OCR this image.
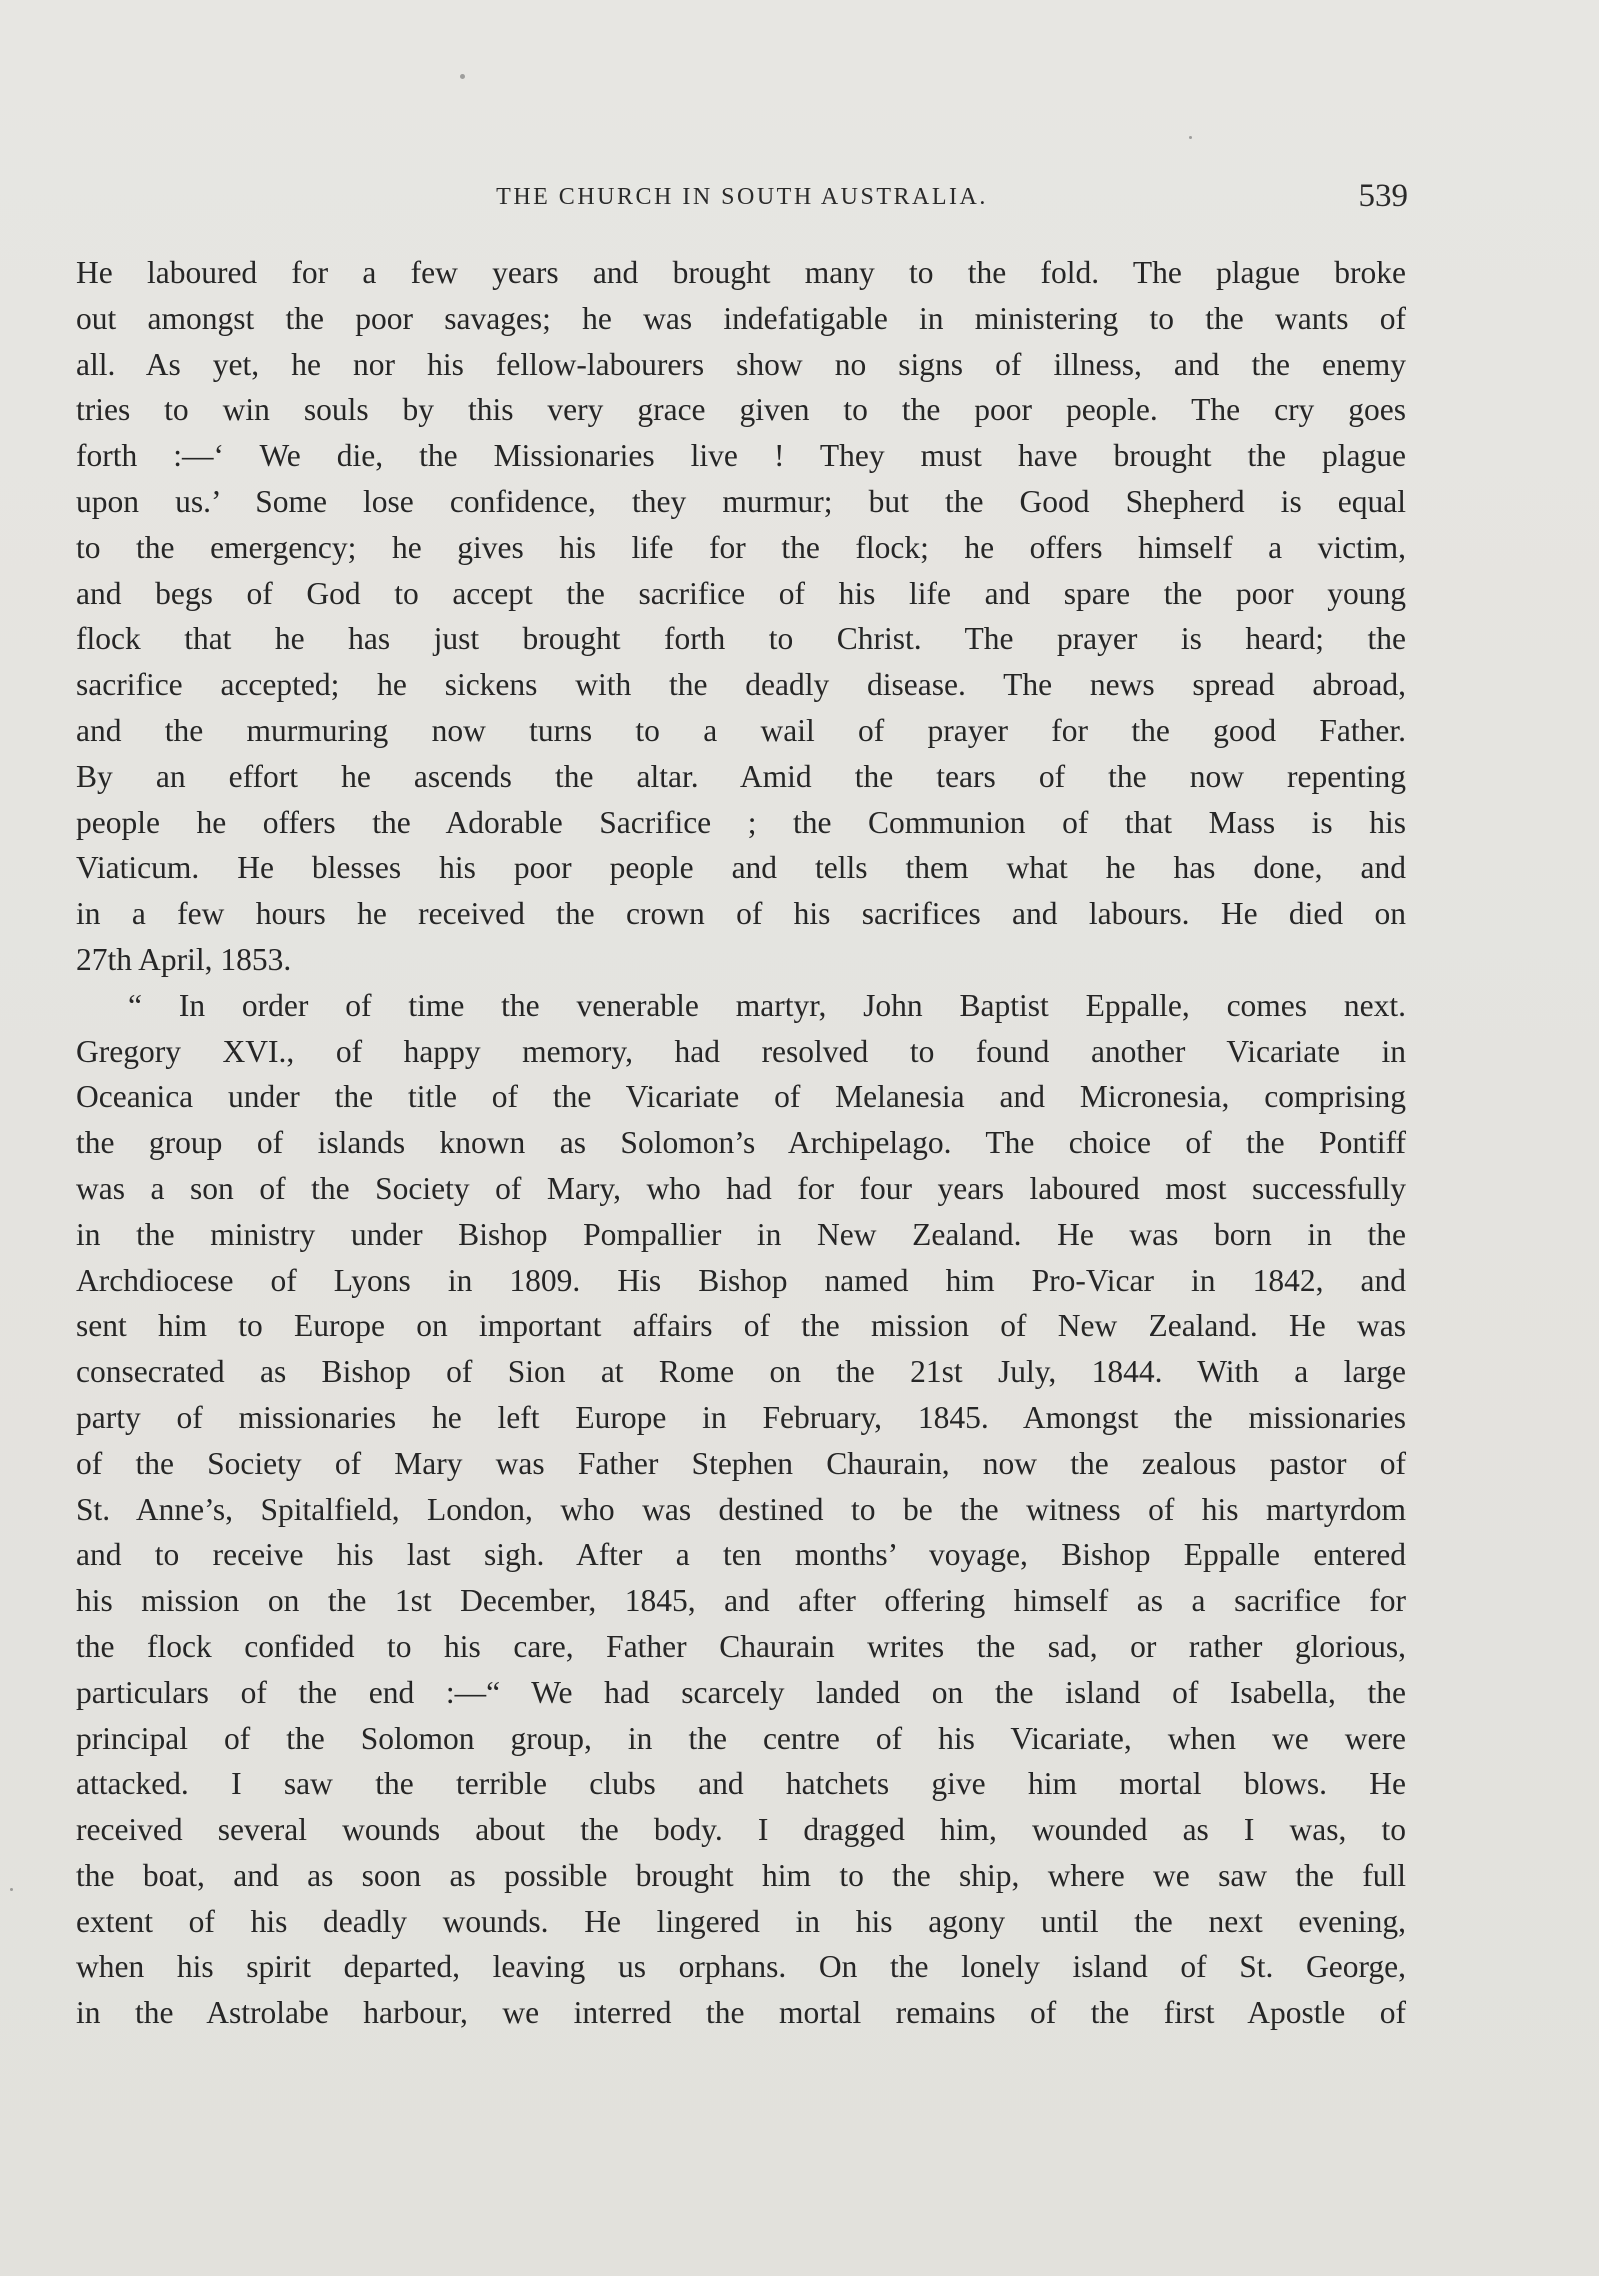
THE CHURCH IN SOUTH AUSTRALIA.	539
He laboured for a few years and brought many to the fold. The plague broke
out amongst the poor savages; he was indefatigable in ministering to the wants of
all. As yet, he nor his fellow-labourers show no signs of illness, and the enemy
tries to win souls by this very grace given to the poor people. The cry goes
forth :—‘ We die, the Missionaries live ! They must have brought the plague
upon us.’ Some lose confidence, they murmur; but the Good Shepherd is equal
to the emergency; he gives his life for the flock; he offers himself a victim,
and begs of God to accept the sacrifice of his life and spare the poor young
flock that he has just brought forth to Christ. The prayer is heard; the
sacrifice accepted; he sickens with the deadly disease. The news spread abroad,
and the murmuring now turns to a wail of prayer for the good Father.
By an effort he ascends the altar. Amid the tears of the now repenting
people he offers the Adorable Sacrifice ; the Communion of that Mass is his
Viaticum. He blesses his poor people and tells them what he has done, and
in a few hours he received the crown of his sacrifices and labours. He died on
27th April, 1853.
“ In order of time the venerable martyr, John Baptist Eppalle, comes next.
Gregory XVI., of happy memory, had resolved to found another Vicariate in
Oceanica under the title of the Vicariate of Melanesia and Micronesia, comprising
the group of islands known as Solomon’s Archipelago. The choice of the Pontiff
was a son of the Society of Mary, who had for four years laboured most successfully
in the ministry under Bishop Pompallier in New Zealand. He was born in the
Archdiocese of Lyons in 1809. His Bishop named him Pro-Vicar in 1842, and
sent him to Europe on important affairs of the mission of New Zealand. He was
consecrated as Bishop of Sion at Rome on the 21st July, 1844. With a large
party of missionaries he left Europe in February, 1845. Amongst the missionaries
of the Society of Mary was Father Stephen Chaurain, now the zealous pastor of
St. Anne’s, Spitalfield, London, who was destined to be the witness of his martyrdom
and to receive his last sigh. After a ten months’ voyage, Bishop Eppalle entered
his mission on the 1st December, 1845, and after offering himself as a sacrifice for
the flock confided to his care, Father Chaurain writes the sad, or rather glorious,
particulars of the end :—“ We had scarcely landed on the island of Isabella, the
principal of the Solomon group, in the centre of his Vicariate, when we were
attacked. I saw the terrible clubs and hatchets give him mortal blows. He
received several wounds about the body. I dragged him, wounded as I was, to
the boat, and as soon as possible brought him to the ship, where we saw the full
extent of his deadly wounds. He lingered in his agony until the next evening,
when his spirit departed, leaving us orphans. On the lonely island of St. George,
in the Astrolabe harbour, we interred the mortal remains of the first Apostle of
